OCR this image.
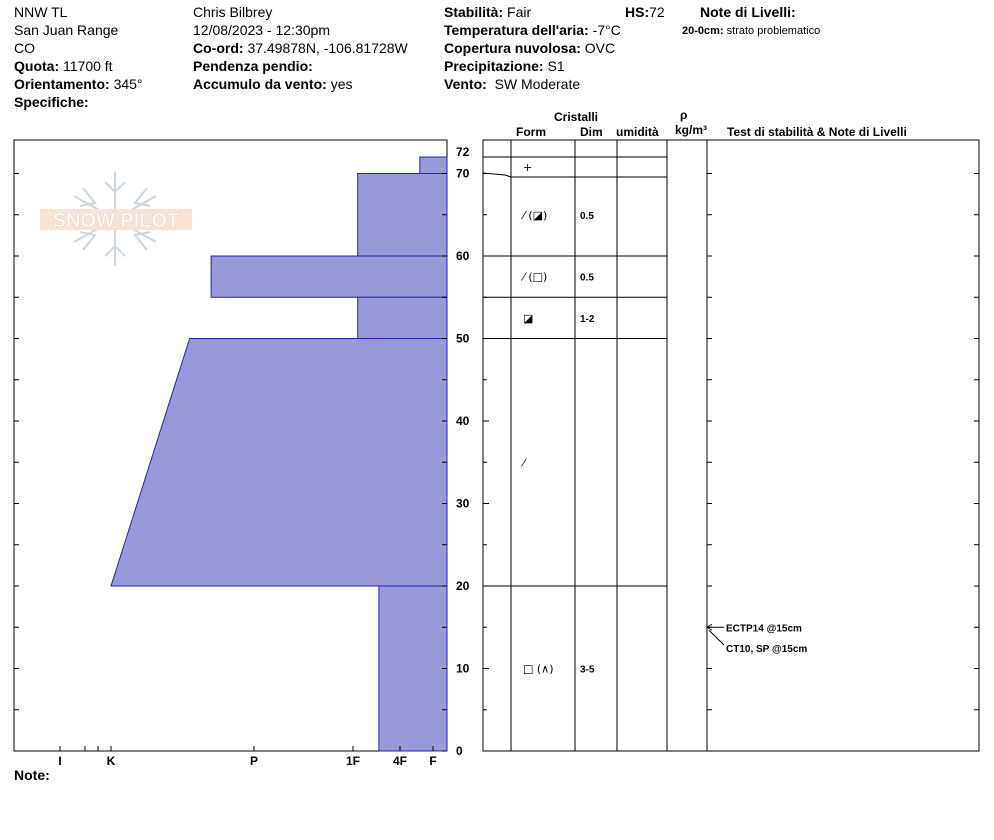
NNW TL
San Juan Range
CO
Quota: 11700 ft
Orientamento: 345°
Specifiche:
Chris Bilbrey
12/08/2023 - 12:30pm
Co-ord: 37.49878N, -106.81728W
Pendenza pendio:
Accumulo da vento: yes
Stabilità: Fair	HS:72
Temperatura dell'aria: -7°C
Copertura nuvolosa: OVC
Precipitazione: S1
Vento: SW Moderate
Note di Livelli:
20-0cm: strato problematico
Cristalli
Form	Dim umidità
ρ
kg/m³ Test di stabilità & Note di Livelli
Note:
SNOW PILOT
0
10
20
30
40
50
60
70
72
I	K	P	1F	4F F
+
⁄ (◪)	0.5
⁄ (□)	0.5
◪	1-2
⁄
□ (∧)	3-5
ECTP14 @15cm
CT10, SP @15cm
